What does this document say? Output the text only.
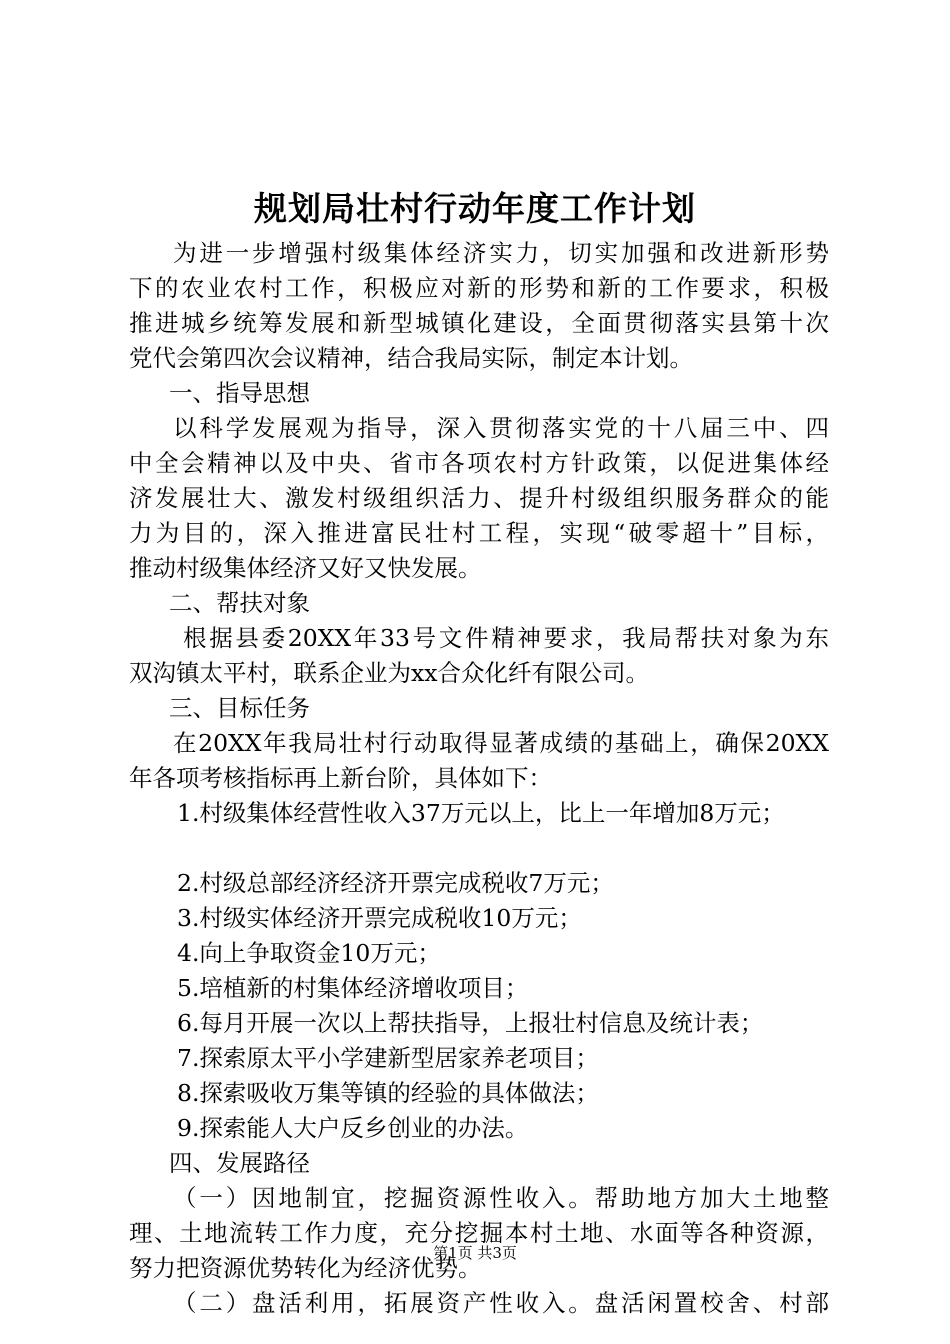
规划局壮村行动年度工作计划
为进一步增强村级集体经济实力，切实加强和改进新形势
下的农业农村工作，积极应对新的形势和新的工作要求，积极
推进城乡统筹发展和新型城镇化建设，全面贯彻落实县第十次
党代会第四次会议精神，结合我局实际，制定本计划。
一、指导思想
以科学发展观为指导，深入贯彻落实党的十八届三中、四
中全会精神以及中央、省市各项农村方针政策，以促进集体经
济发展壮大、激发村级组织活力、提升村级组织服务群众的能
力为目的，深入推进富民壮村工程，实现“破零超十”目标，
推动村级集体经济又好又快发展。
二、帮扶对象
根据县委20XX年33号文件精神要求，我局帮扶对象为东
双沟镇太平村，联系企业为xx合众化纤有限公司。
三、目标任务
在20XX年我局壮村行动取得显著成绩的基础上，确保20XX
年各项考核指标再上新台阶，具体如下：
1.村级集体经营性收入37万元以上，比上一年增加8万元；
2.村级总部经济经济开票完成税收7万元；
3.村级实体经济开票完成税收10万元；
4.向上争取资金10万元；
5.培植新的村集体经济增收项目；
6.每月开展一次以上帮扶指导，上报壮村信息及统计表；
7.探索原太平小学建新型居家养老项目；
8.探索吸收万集等镇的经验的具体做法；
9.探索能人大户反乡创业的办法。
四、发展路径
（一）因地制宜，挖掘资源性收入。帮助地方加大土地整
理、土地流转工作力度，充分挖掘本村土地、水面等各种资源，
努力把资源优势转化为经济优势。
（二）盘活利用，拓展资产性收入。盘活闲置校舍、村部
第1页 共3页
